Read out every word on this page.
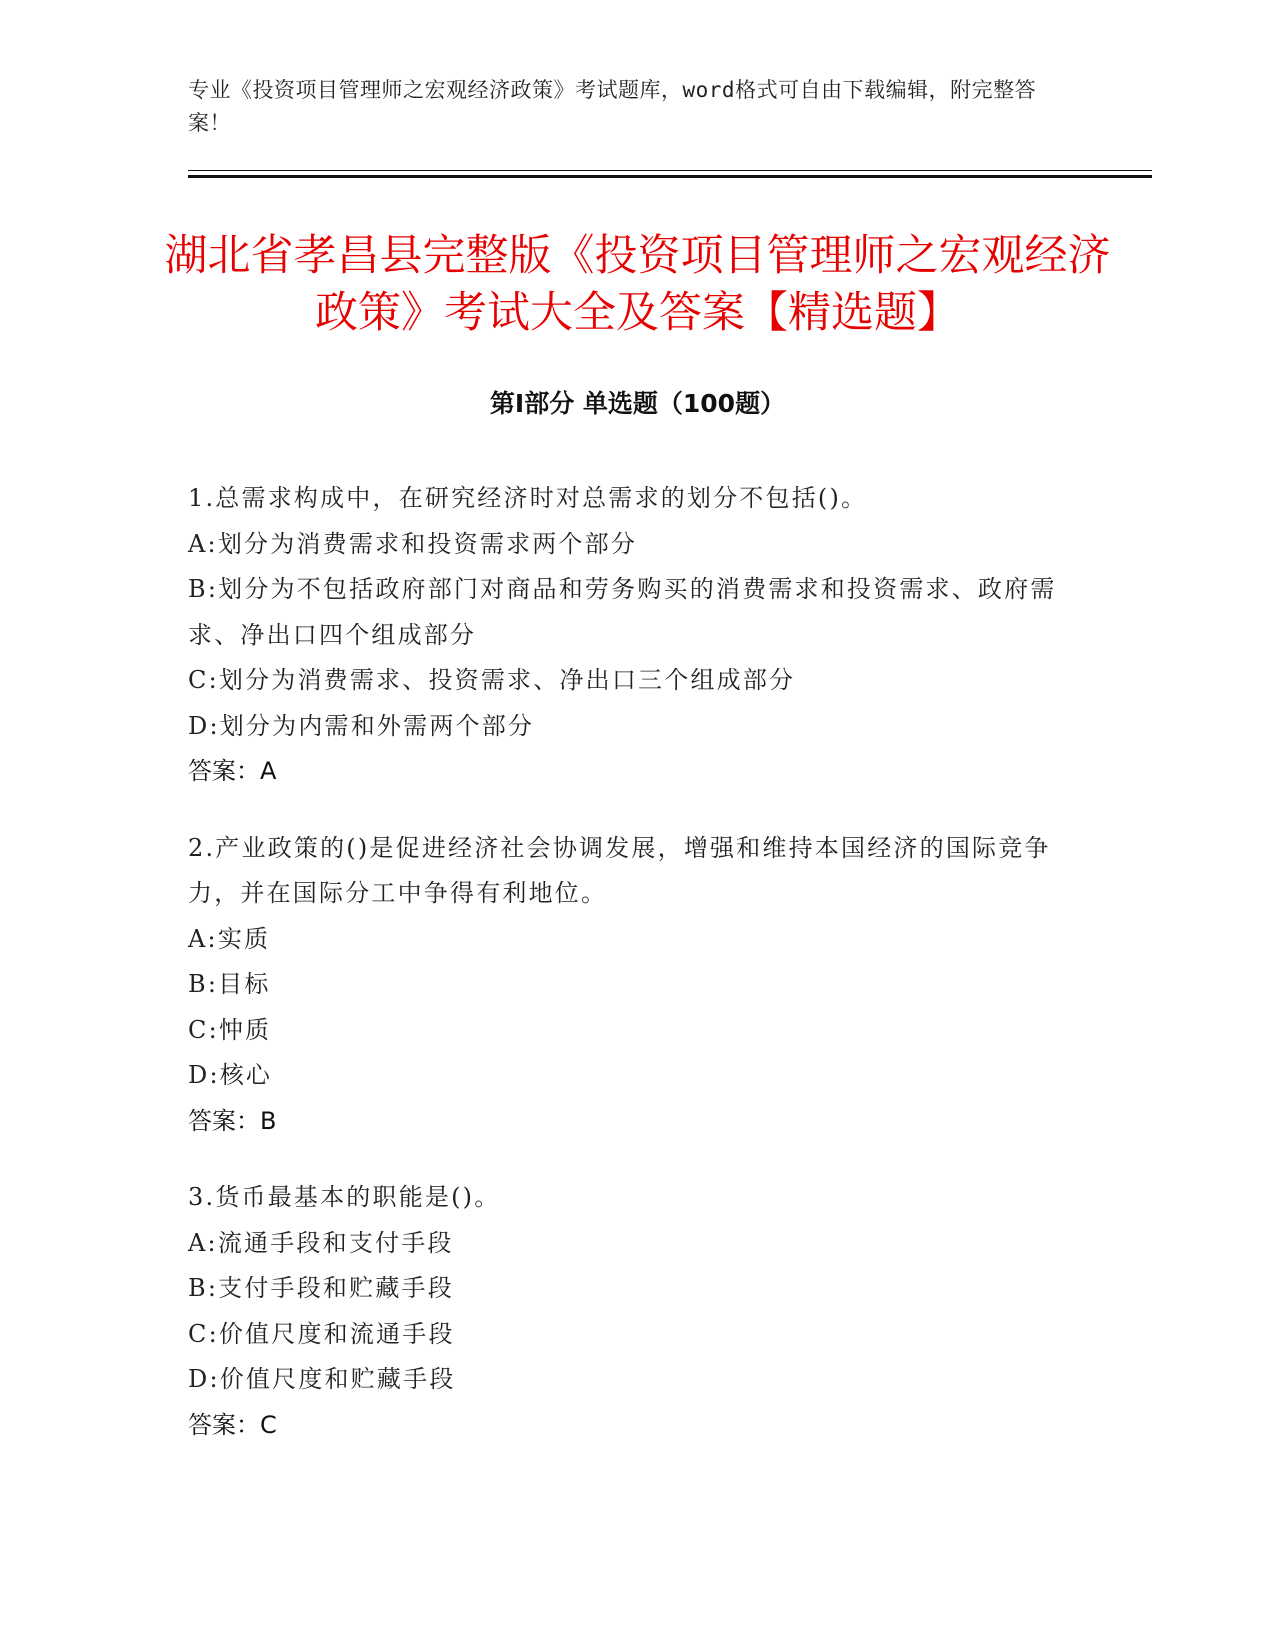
专业《投资项目管理师之宏观经济政策》考试题库，word格式可自由下载编辑，附完整答案！
湖北省孝昌县完整版《投资项目管理师之宏观经济政策》考试大全及答案【精选题】
第Ⅰ部分 单选题（100题）
1.总需求构成中，在研究经济时对总需求的划分不包括()。
A:划分为消费需求和投资需求两个部分
B:划分为不包括政府部门对商品和劳务购买的消费需求和投资需求、政府需求、净出口四个组成部分
C:划分为消费需求、投资需求、净出口三个组成部分
D:划分为内需和外需两个部分
答案：A
2.产业政策的()是促进经济社会协调发展，增强和维持本国经济的国际竞争力，并在国际分工中争得有利地位。
A:实质
B:目标
C:忡质
D:核心
答案：B
3.货币最基本的职能是()。
A:流通手段和支付手段
B:支付手段和贮藏手段
C:价值尺度和流通手段
D:价值尺度和贮藏手段
答案：C
